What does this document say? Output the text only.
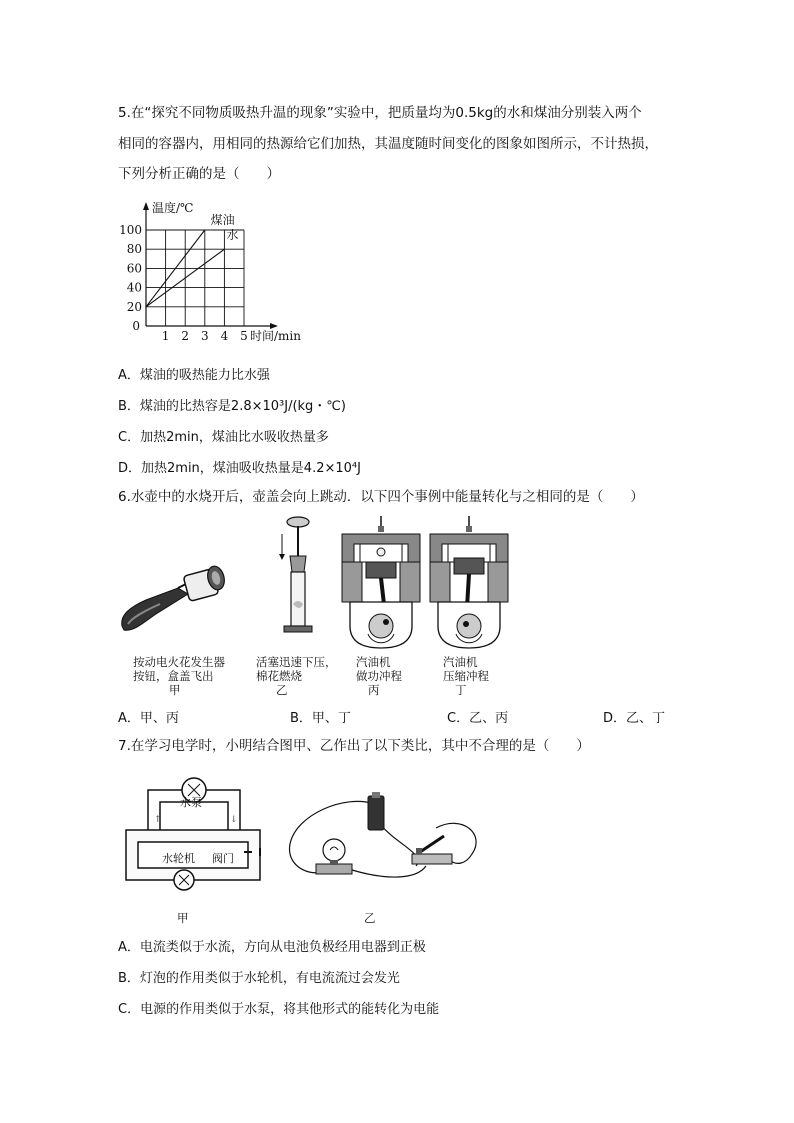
5.在“探究不同物质吸热升温的现象”实验中，把质量均为0.5kg的水和煤油分别装入两个
相同的容器内，用相同的热源给它们加热，其温度随时间变化的图象如图所示，不计热损，
下列分析正确的是（　　）
20
40
60
80
100
1 2 3 4 5
0
温度/℃
时间/min
煤油
水
A．煤油的吸热能力比水强
B．煤油的比热容是2.8×10³J/(kg・℃)
C．加热2min，煤油比水吸收热量多
D．加热2min，煤油吸收热量是4.2×10⁴J
6.水壶中的水烧开后，壶盖会向上跳动．以下四个事例中能量转化与之相同的是（　　）
按动电火花发生器
按钮，盒盖飞出
甲
活塞迅速下压，
棉花燃烧
乙
汽油机
做功冲程
丙
汽油机
压缩冲程
丁
A．甲、丙	B．甲、丁	C．乙、丙	D．乙、丁
7.在学习电学时，小明结合图甲、乙作出了以下类比，其中不合理的是（　　）
↑	↓
水泵
水轮机 阀门
甲	乙
A．电流类似于水流，方向从电池负极经用电器到正极
B．灯泡的作用类似于水轮机，有电流流过会发光
C．电源的作用类似于水泵，将其他形式的能转化为电能
